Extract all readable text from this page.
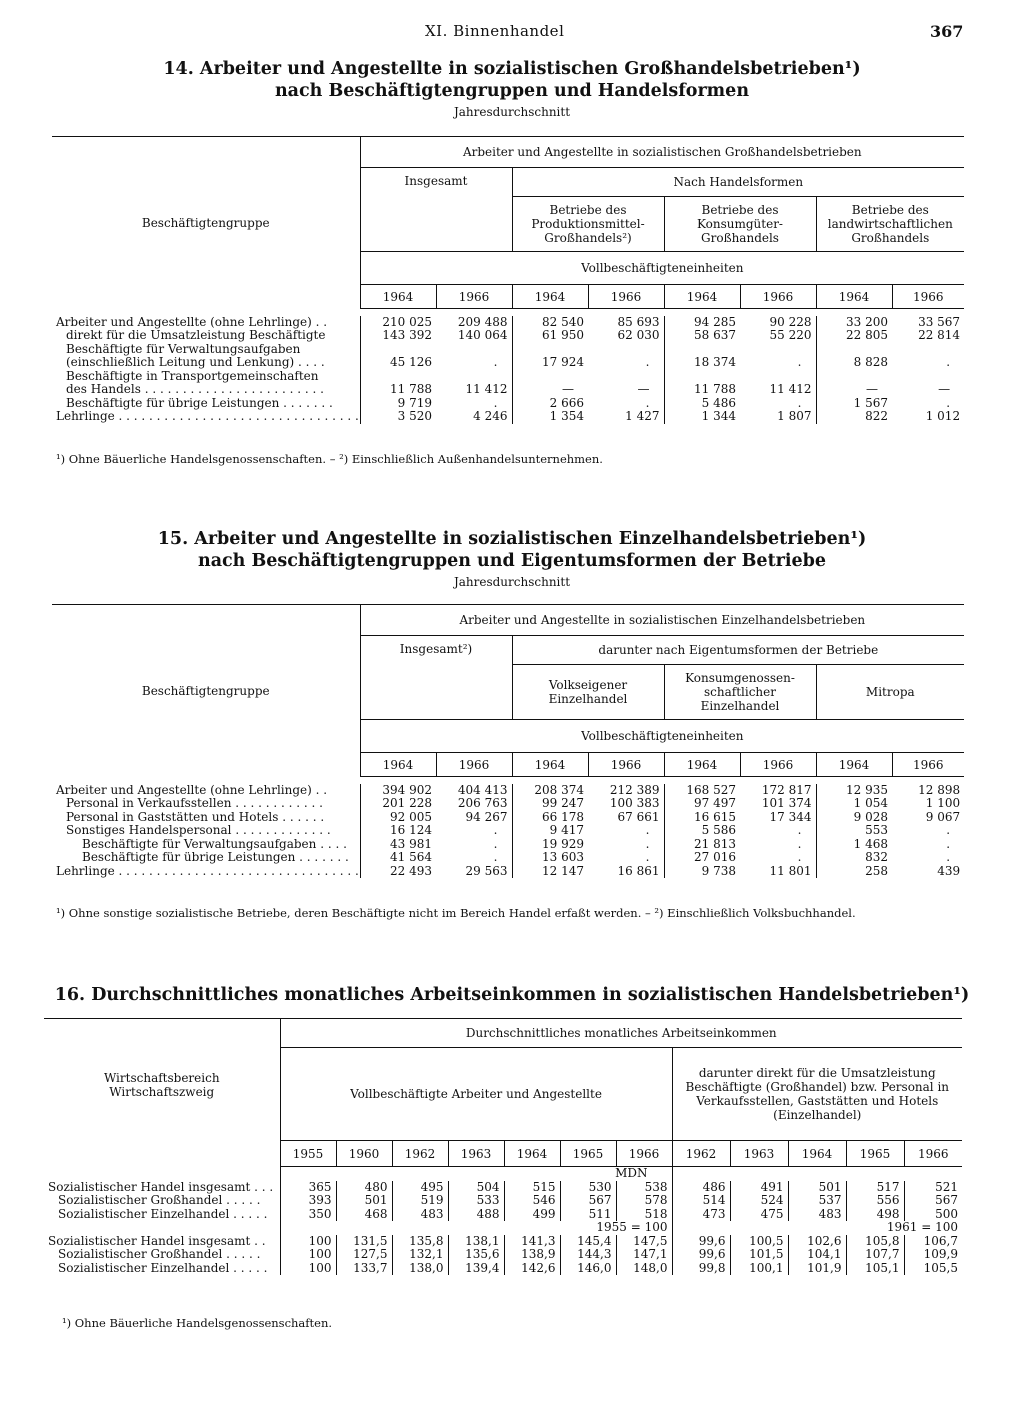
XI. Binnenhandel	367
14. Arbeiter und Angestellte in sozialistischen Großhandelsbetrieben¹)
nach Beschäftigtengruppen und Handelsformen
Jahresdurchschnitt
Beschäftigtengruppe	Arbeiter und Angestellte in sozialistischen Großhandelsbetrieben							
	Insgesamt		Nach Handelsformen					
			Betriebe des Produktionsmittel-Großhandels²)		Betriebe des Konsumgüter-Großhandels		Betriebe des landwirtschaftlichen Großhandels	
	Vollbeschäftigteneinheiten							
	1964	1966	1964	1966	1964	1966	1964	1966

Arbeiter und Angestellte (ohne Lehrlinge) . .	210 025	209 488	82 540	85 693	94 285	90 228	33 200	33 567
direkt für die Umsatzleistung Beschäftigte	143 392	140 064	61 950	62 030	58 637	55 220	22 805	22 814
Beschäftigte für Verwaltungsaufgaben								
(einschließlich Leitung und Lenkung) . . . .	45 126	.	17 924	.	18 374	.	8 828	.
Beschäftigte in Transportgemeinschaften								
des Handels . . . . . . . . . . . . . . . . . . . . . . . .	11 788	11 412	—	—	11 788	11 412	—	—
Beschäftigte für übrige Leistungen . . . . . . .	9 719	.	2 666	.	5 486	.	1 567	.
Lehrlinge . . . . . . . . . . . . . . . . . . . . . . . . . . . . . . . .	3 520	4 246	1 354	1 427	1 344	1 807	822	1 012
¹) Ohne Bäuerliche Handelsgenossenschaften. – ²) Einschließlich Außenhandelsunternehmen.
15. Arbeiter und Angestellte in sozialistischen Einzelhandelsbetrieben¹)
nach Beschäftigtengruppen und Eigentumsformen der Betriebe
Jahresdurchschnitt
Beschäftigtengruppe	Arbeiter und Angestellte in sozialistischen Einzelhandelsbetrieben							
	Insgesamt²)		darunter nach Eigentumsformen der Betriebe					
			Volkseigener Einzelhandel		Konsumgenossen-schaftlicher Einzelhandel		Mitropa	
	Vollbeschäftigteneinheiten							
	1964	1966	1964	1966	1964	1966	1964	1966

Arbeiter und Angestellte (ohne Lehrlinge) . .	394 902	404 413	208 374	212 389	168 527	172 817	12 935	12 898
Personal in Verkaufsstellen . . . . . . . . . . . .	201 228	206 763	99 247	100 383	97 497	101 374	1 054	1 100
Personal in Gaststätten und Hotels . . . . . .	92 005	94 267	66 178	67 661	16 615	17 344	9 028	9 067
Sonstiges Handelspersonal . . . . . . . . . . . . .	16 124	.	9 417	.	5 586	.	553	.
Beschäftigte für Verwaltungsaufgaben . . . .	43 981	.	19 929	.	21 813	.	1 468	.
Beschäftigte für übrige Leistungen . . . . . . .	41 564	.	13 603	.	27 016	.	832	.
Lehrlinge . . . . . . . . . . . . . . . . . . . . . . . . . . . . . . . .	22 493	29 563	12 147	16 861	9 738	11 801	258	439
¹) Ohne sonstige sozialistische Betriebe, deren Beschäftigte nicht im Bereich Handel erfaßt werden. – ²) Einschließlich Volksbuchhandel.
16. Durchschnittliches monatliches Arbeitseinkommen in sozialistischen Handelsbetrieben¹)
Wirtschaftsbereich
Wirtschaftszweig	Durchschnittliches monatliches Arbeitseinkommen											
	Vollbeschäftigte Arbeiter und Angestellte							darunter direkt für die Umsatzleistung Beschäftigte (Großhandel) bzw. Personal in Verkaufsstellen, Gaststätten und Hotels (Einzelhandel)				
	1955	1960	1962	1963	1964	1965	1966	1962	1963	1964	1965	1966
	MDN											
Sozialistischer Handel insgesamt . . .	365	480	495	504	515	530	538	486	491	501	517	521
Sozialistischer Großhandel . . . . .	393	501	519	533	546	567	578	514	524	537	556	567
Sozialistischer Einzelhandel . . . . .	350	468	483	488	499	511	518	473	475	483	498	500
	1955 = 100							1961 = 100				
Sozialistischer Handel insgesamt . .	100	131,5	135,8	138,1	141,3	145,4	147,5	99,6	100,5	102,6	105,8	106,7
Sozialistischer Großhandel . . . . .	100	127,5	132,1	135,6	138,9	144,3	147,1	99,6	101,5	104,1	107,7	109,9
Sozialistischer Einzelhandel . . . . .	100	133,7	138,0	139,4	142,6	146,0	148,0	99,8	100,1	101,9	105,1	105,5
¹) Ohne Bäuerliche Handelsgenossenschaften.
